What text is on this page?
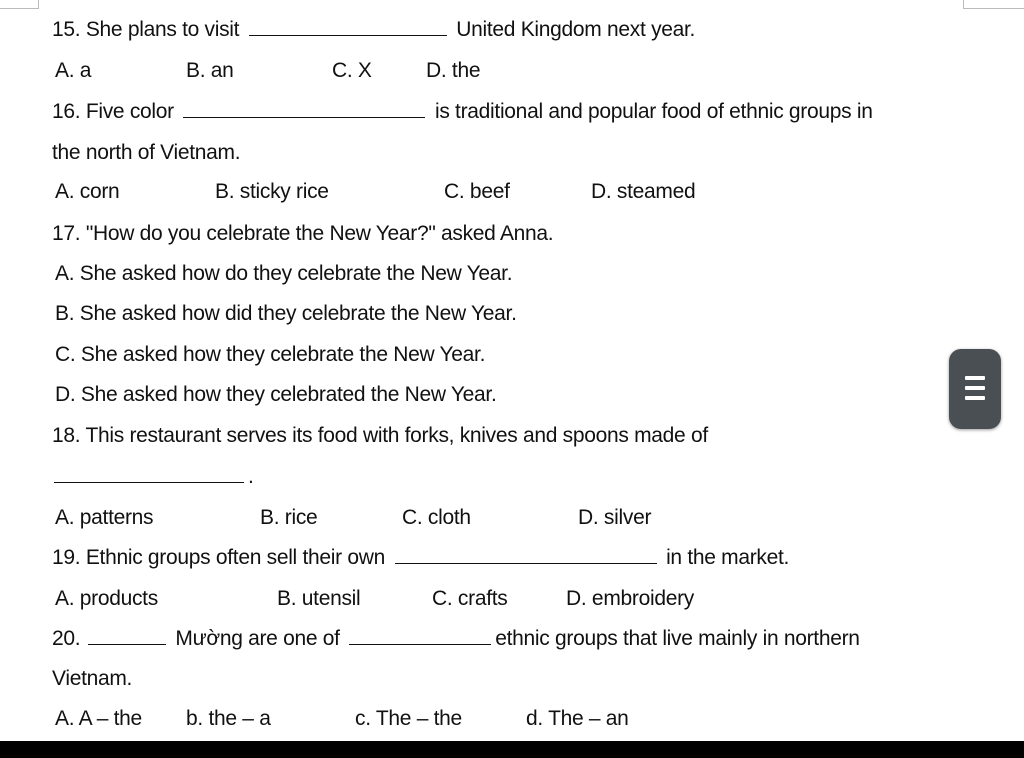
15. She plans to visit	United Kingdom next year.
A. a	B. an	C. X	D. the
16. Five color	is traditional and popular food of ethnic groups in
the north of Vietnam.
A. corn	B. sticky rice	C. beef	D. steamed
17. "How do you celebrate the New Year?" asked Anna.
A. She asked how do they celebrate the New Year.
B. She asked how did they celebrate the New Year.
C. She asked how they celebrate the New Year.
D. She asked how they celebrated the New Year.
18. This restaurant serves its food with forks, knives and spoons made of
.
A. patterns	B. rice	C. cloth	D. silver
19. Ethnic groups often sell their own	in the market.
A. products	B. utensil	C. crafts	D. embroidery
20.	Mường are one of	ethnic groups that live mainly in northern
Vietnam.
A. A – the b. the – a	c. The – the	d. The – an
